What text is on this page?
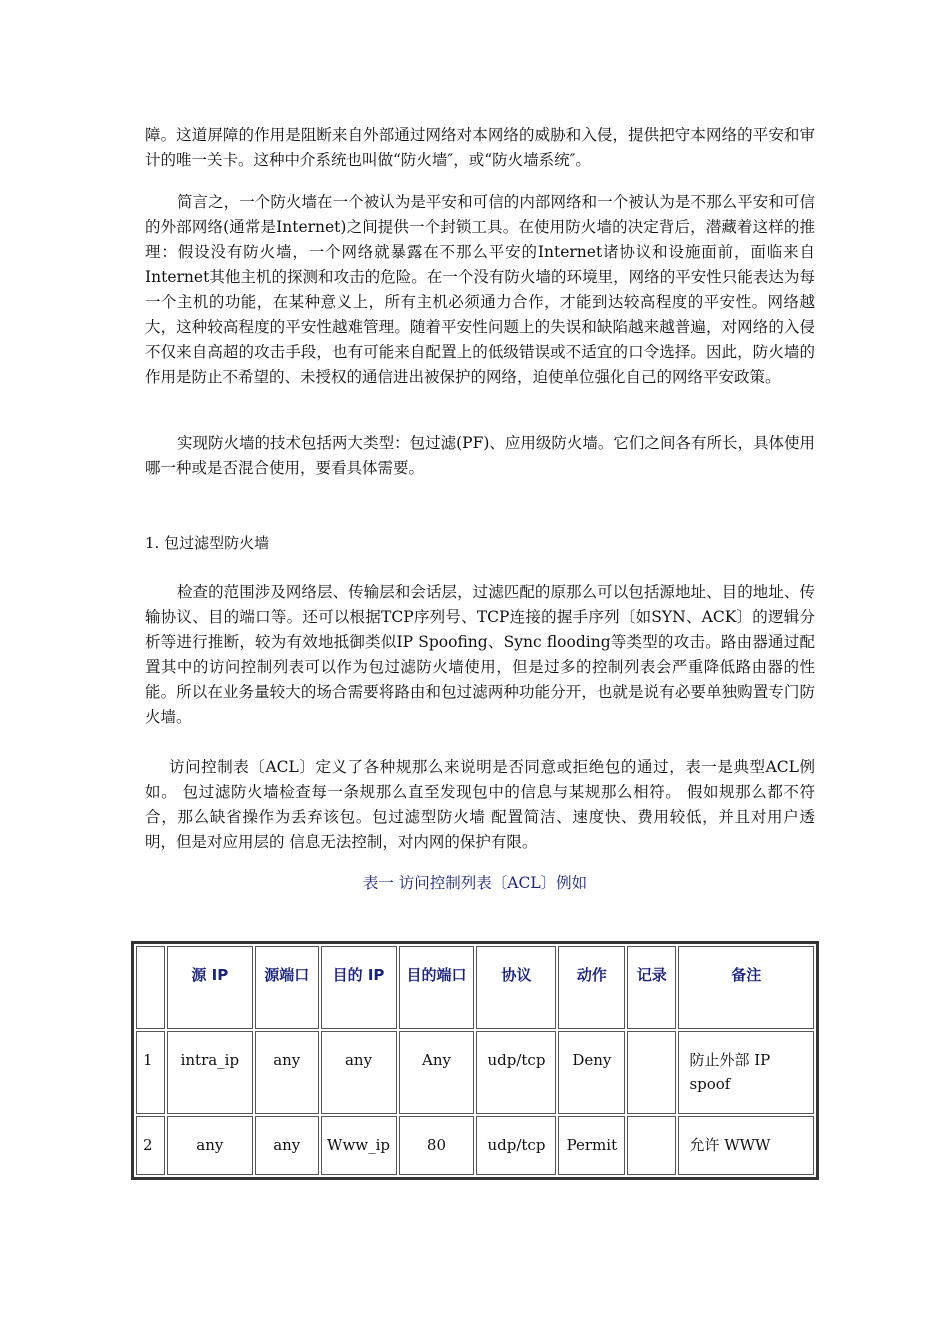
障。这道屏障的作用是阻断来自外部通过网络对本网络的威胁和入侵，提供把守本网络的平安和审计的唯一关卡。这种中介系统也叫做“防火墙″，或“防火墙系统″。

简言之，一个防火墙在一个被认为是平安和可信的内部网络和一个被认为是不那么平安和可信的外部网络(通常是Internet)之间提供一个封锁工具。在使用防火墙的决定背后，潜藏着这样的推理：假设没有防火墙，一个网络就暴露在不那么平安的Internet诸协议和设施面前，面临来自Internet其他主机的探测和攻击的危险。在一个没有防火墙的环境里，网络的平安性只能表达为每一个主机的功能，在某种意义上，所有主机必须通力合作，才能到达较高程度的平安性。网络越大，这种较高程度的平安性越难管理。随着平安性问题上的失误和缺陷越来越普遍，对网络的入侵不仅来自高超的攻击手段，也有可能来自配置上的低级错误或不适宜的口令选择。因此，防火墙的作用是防止不希望的、未授权的通信进出被保护的网络，迫使单位强化自己的网络平安政策。

实现防火墙的技术包括两大类型：包过滤(PF)、应用级防火墙。它们之间各有所长，具体使用哪一种或是否混合使用，要看具体需要。

1. 包过滤型防火墙

检查的范围涉及网络层、传输层和会话层，过滤匹配的原那么可以包括源地址、目的地址、传输协议、目的端口等。还可以根据TCP序列号、TCP连接的握手序列〔如SYN、ACK〕的逻辑分析等进行推断，较为有效地抵御类似IP Spoofing、Sync flooding等类型的攻击。路由器通过配置其中的访问控制列表可以作为包过滤防火墙使用，但是过多的控制列表会严重降低路由器的性能。所以在业务量较大的场合需要将路由和包过滤两种功能分开，也就是说有必要单独购置专门防火墙。

访问控制表〔ACL〕定义了各种规那么来说明是否同意或拒绝包的通过，表一是典型ACL例如。 包过滤防火墙检查每一条规那么直至发现包中的信息与某规那么相符。 假如规那么都不符合，那么缺省操作为丢弃该包。包过滤型防火墙 配置简洁、速度快、费用较低，并且对用户透明，但是对应用层的 信息无法控制，对内网的保护有限。

表一 访问控制列表〔ACL〕例如
	源 IP	源端口	目的 IP	目的端口	协议	动作	记录	备注
1	intra_ip	any	any	Any	udp/tcp	Deny		防止外部 IP spoof
2	any	any	Www_ip	80	udp/tcp	Permit		允许 WWW
